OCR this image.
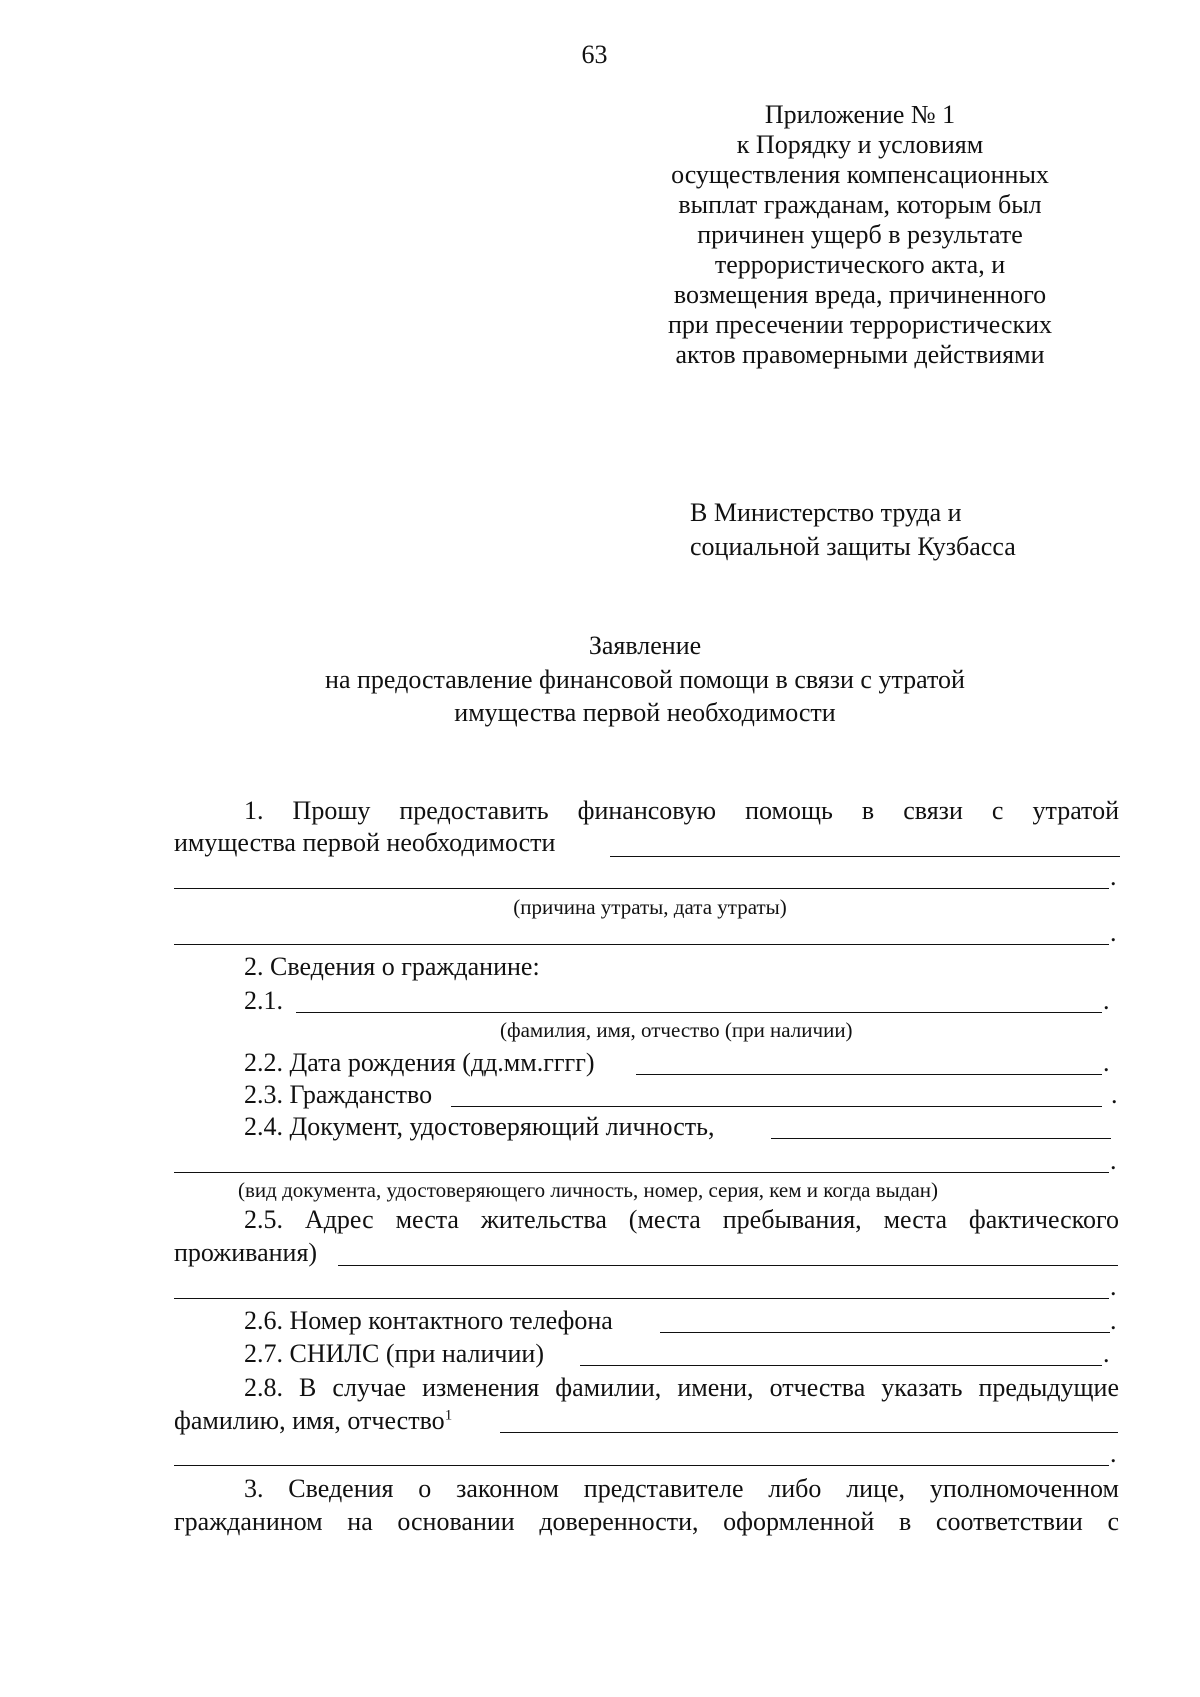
63
Приложение № 1
к Порядку и условиям
осуществления компенсационных
выплат гражданам, которым был
причинен ущерб в результате
террористического акта, и
возмещения вреда, причиненного
при пресечении террористических
актов правомерными действиями
В Министерство труда и
социальной защиты Кузбасса
Заявление
на предоставление финансовой помощи в связи с утратой
имущества первой необходимости
1. Прошу предоставить финансовую помощь в связи с утратой
имущества первой необходимости
.
(причина утраты, дата утраты)
.
2. Сведения о гражданине:
2.1.	.
(фамилия, имя, отчество (при наличии)
2.2. Дата рождения (дд.мм.гггг)	.
2.3. Гражданство	.
2.4. Документ, удостоверяющий личность,
.
(вид документа, удостоверяющего личность, номер, серия, кем и когда выдан)
2.5. Адрес места жительства (места пребывания, места фактического
проживания)
.
2.6. Номер контактного телефона	.
2.7. СНИЛС (при наличии)	.
2.8. В случае изменения фамилии, имени, отчества указать предыдущие
фамилию, имя, отчество$^1$
.
3. Сведения о законном представителе либо лице, уполномоченном
гражданином на основании доверенности, оформленной в соответствии с
